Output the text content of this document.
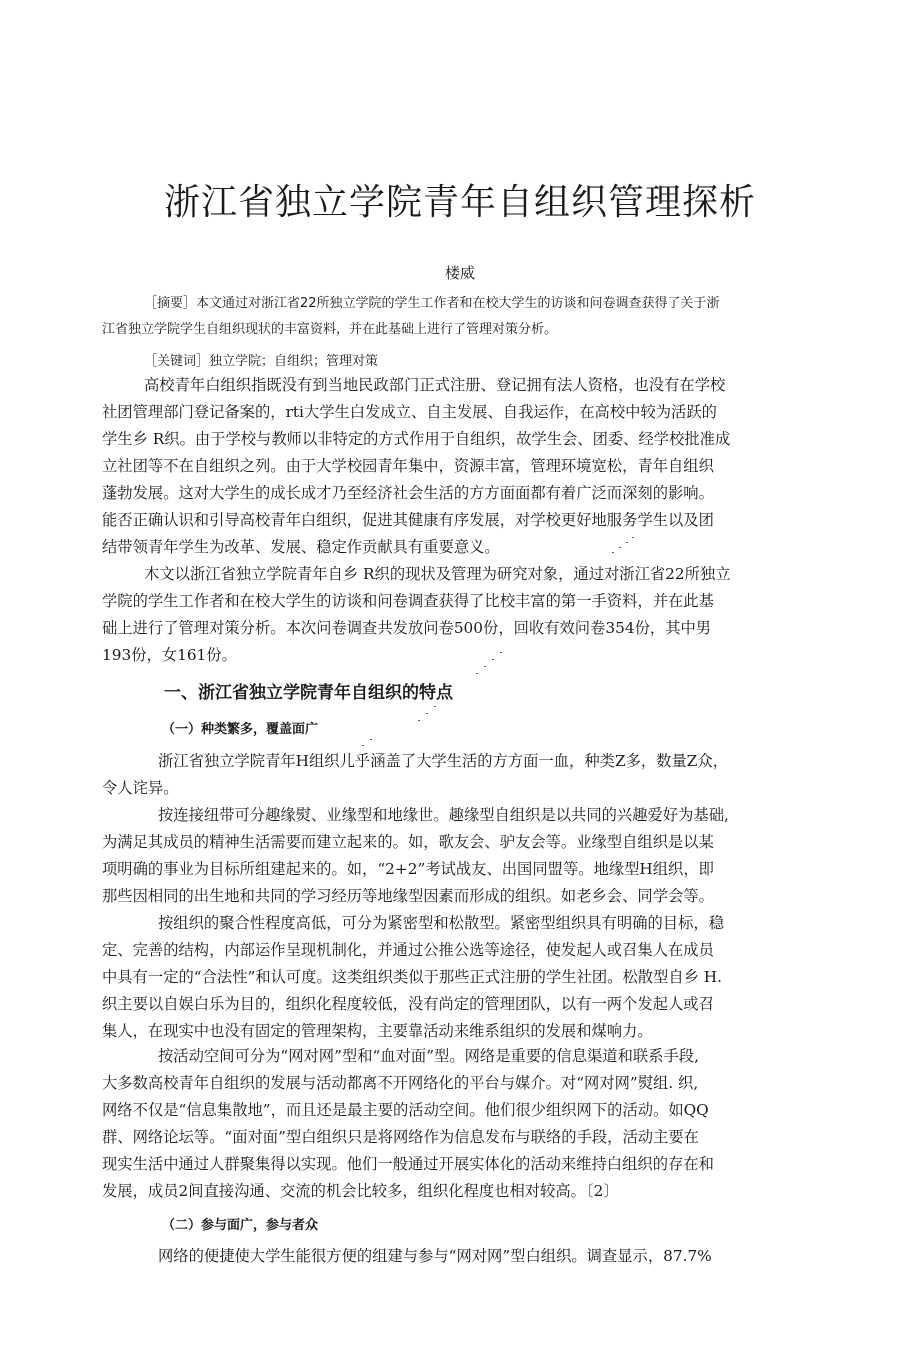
浙江省独立学院青年自组织管理探析
楼威
［摘要］本文通过对浙江省22所独立学院的学生工作者和在校大学生的访谈和问卷调查获得了关于浙
江省独立学院学生自组织现状的丰富资料，并在此基础上进行了管理对策分析。
［关键词］独立学院；自组织；管理对策
高校青年白组织指既没有到当地民政部门正式注册、登记拥有法人资格，也没有在学校
社团管理部门登记备案的，rti大学生白发成立、自主发展、自我运作，在高校中较为活跃的
学生乡 R织。由于学校与教师以非特定的方式作用于自组织，故学生会、团委、经学校批准成
立社团等不在自组织之列。由于大学校园青年集中，资源丰富，管理环境宽松，青年自组织
蓬勃发展。这对大学生的成长成才乃至经济社会生活的方方面面都有着广泛而深刻的影响。
能否正确认识和引导高校青年白组织，促进其健康有序发展，对学校更好地服务学生以及团
结带领青年学生为改革、发展、稳定作贡献具有重要意义。
木文以浙江省独立学院青年自乡 R织的现状及管理为研究对象，通过对浙江省22所独立
学院的学生工作者和在校大学生的访谈和问卷调查获得了比校丰富的第一手资料，并在此基
础上进行了管理对策分析。本次问卷调查共发放问卷500份，回收有效问卷354份，其中男
193份，女161份。
一、浙江省独立学院青年自组织的特点
（一）种类繁多，覆盖面广
浙江省独立学院青年H组织儿乎涵盖了大学生活的方方面一血，种类Z多，数量Z众，
令人诧异。
按连接纽带可分趣缘熨、业缘型和地缘世。趣缘型自组织是以共同的兴趣爱好为基础,
为满足其成员的精神生活需要而建立起来的。如，歌友会、驴友会等。业缘型自组织是以某
项明确的事业为目标所组建起来的。如，“2+2”考试战友、出国同盟等。地缘型H组织，即
那些因相同的出生地和共同的学习经历等地缘型因素而形成的组织。如老乡会、同学会等。
按组织的聚合性程度高低，可分为紧密型和松散型。紧密型组织具有明确的目标，稳
定、完善的结构，内部运作呈现机制化，并通过公推公选等途径，使发起人或召集人在成员
中具有一定的“合法性”和认可度。这类组织类似于那些正式注册的学生社团。松散型自乡 H.
织主要以自娱白乐为目的，组织化程度较低，没有尚定的管理团队，以有一两个发起人或召
集人，在现实中也没有固定的管理架构，主要靠活动来维系组织的发展和煤响力。
按活动空间可分为“网对网”型和“血对面”型。网络是重要的信息渠道和联系手段,
大多数高校青年自组织的发展与活动都离不开网络化的平台与媒介。对“网对网”熨组. 织,
网络不仅是“信息集散地”，而且还是最主要的活动空间。他们很少组织网下的活动。如QQ
群、网络论坛等。“面对面”型白组织只是将网络作为信息发布与联络的手段，活动主要在
现实生活中通过人群聚集得以实现。他们一般通过开展实体化的活动来维持白组织的存在和
发展，成员2间直接沟通、交流的机会比较多，组织化程度也相对较高。〔2〕
（二）参与面广，参与者众
网络的便捷使大学生能很方便的组建与参与“网对网”型白组织。调查显示，87.7%
